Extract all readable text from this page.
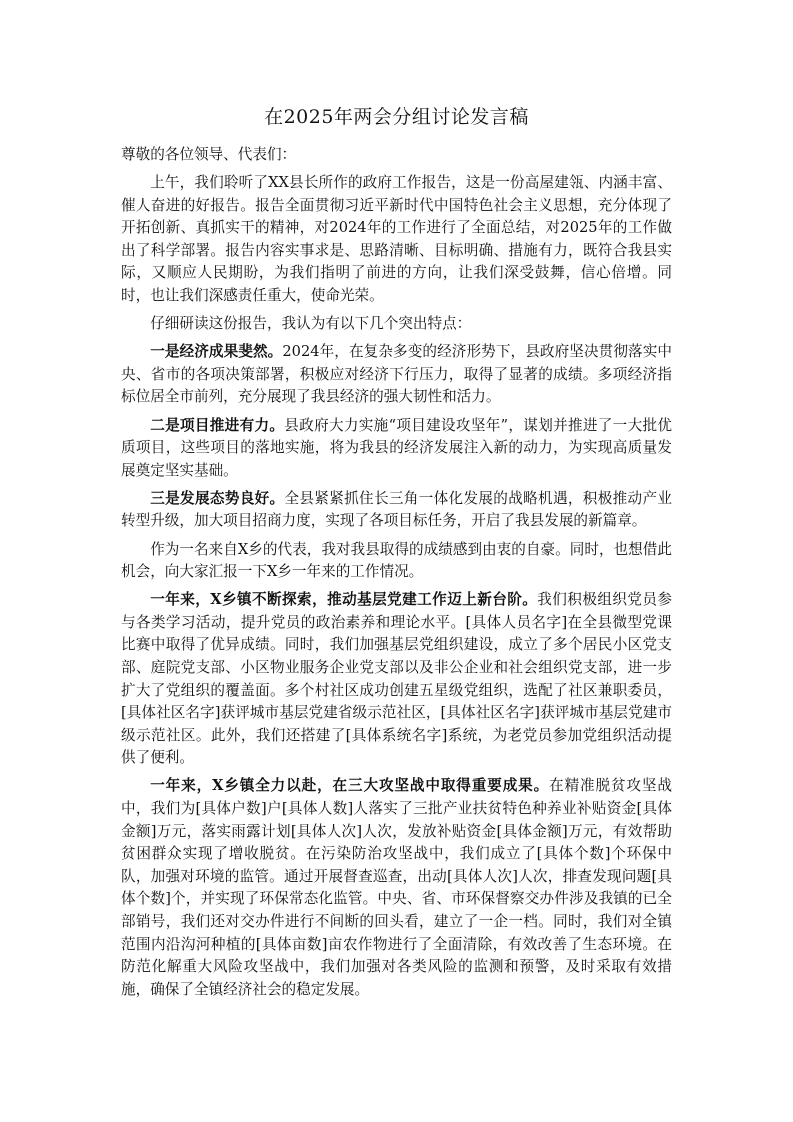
在2025年两会分组讨论发言稿

尊敬的各位领导、代表们：

上午，我们聆听了XX县长所作的政府工作报告，这是一份高屋建瓴、内涵丰富、催人奋进的好报告。报告全面贯彻习近平新时代中国特色社会主义思想，充分体现了开拓创新、真抓实干的精神，对2024年的工作进行了全面总结，对2025年的工作做出了科学部署。报告内容实事求是、思路清晰、目标明确、措施有力，既符合我县实际，又顺应人民期盼，为我们指明了前进的方向，让我们深受鼓舞，信心倍增。同时，也让我们深感责任重大，使命光荣。

仔细研读这份报告，我认为有以下几个突出特点：

一是经济成果斐然。2024年，在复杂多变的经济形势下，县政府坚决贯彻落实中央、省市的各项决策部署，积极应对经济下行压力，取得了显著的成绩。多项经济指标位居全市前列，充分展现了我县经济的强大韧性和活力。

二是项目推进有力。县政府大力实施“项目建设攻坚年”，谋划并推进了一大批优质项目，这些项目的落地实施，将为我县的经济发展注入新的动力，为实现高质量发展奠定坚实基础。

三是发展态势良好。全县紧紧抓住长三角一体化发展的战略机遇，积极推动产业转型升级，加大项目招商力度，实现了各项目标任务，开启了我县发展的新篇章。

作为一名来自X乡的代表，我对我县取得的成绩感到由衷的自豪。同时，也想借此机会，向大家汇报一下X乡一年来的工作情况。

一年来，X乡镇不断探索，推动基层党建工作迈上新台阶。我们积极组织党员参与各类学习活动，提升党员的政治素养和理论水平。[具体人员名字]在全县微型党课比赛中取得了优异成绩。同时，我们加强基层党组织建设，成立了多个居民小区党支部、庭院党支部、小区物业服务企业党支部以及非公企业和社会组织党支部，进一步扩大了党组织的覆盖面。多个村社区成功创建五星级党组织，选配了社区兼职委员，[具体社区名字]获评城市基层党建省级示范社区，[具体社区名字]获评城市基层党建市级示范社区。此外，我们还搭建了[具体系统名字]系统，为老党员参加党组织活动提供了便利。

一年来，X乡镇全力以赴，在三大攻坚战中取得重要成果。在精准脱贫攻坚战中，我们为[具体户数]户[具体人数]人落实了三批产业扶贫特色种养业补贴资金[具体金额]万元，落实雨露计划[具体人次]人次，发放补贴资金[具体金额]万元，有效帮助贫困群众实现了增收脱贫。在污染防治攻坚战中，我们成立了[具体个数]个环保中队，加强对环境的监管。通过开展督查巡查，出动[具体人次]人次，排查发现问题[具体个数]个，并实现了环保常态化监管。中央、省、市环保督察交办件涉及我镇的已全部销号，我们还对交办件进行不间断的回头看，建立了一企一档。同时，我们对全镇范围内沿沟河种植的[具体亩数]亩农作物进行了全面清除，有效改善了生态环境。在防范化解重大风险攻坚战中，我们加强对各类风险的监测和预警，及时采取有效措施，确保了全镇经济社会的稳定发展。
